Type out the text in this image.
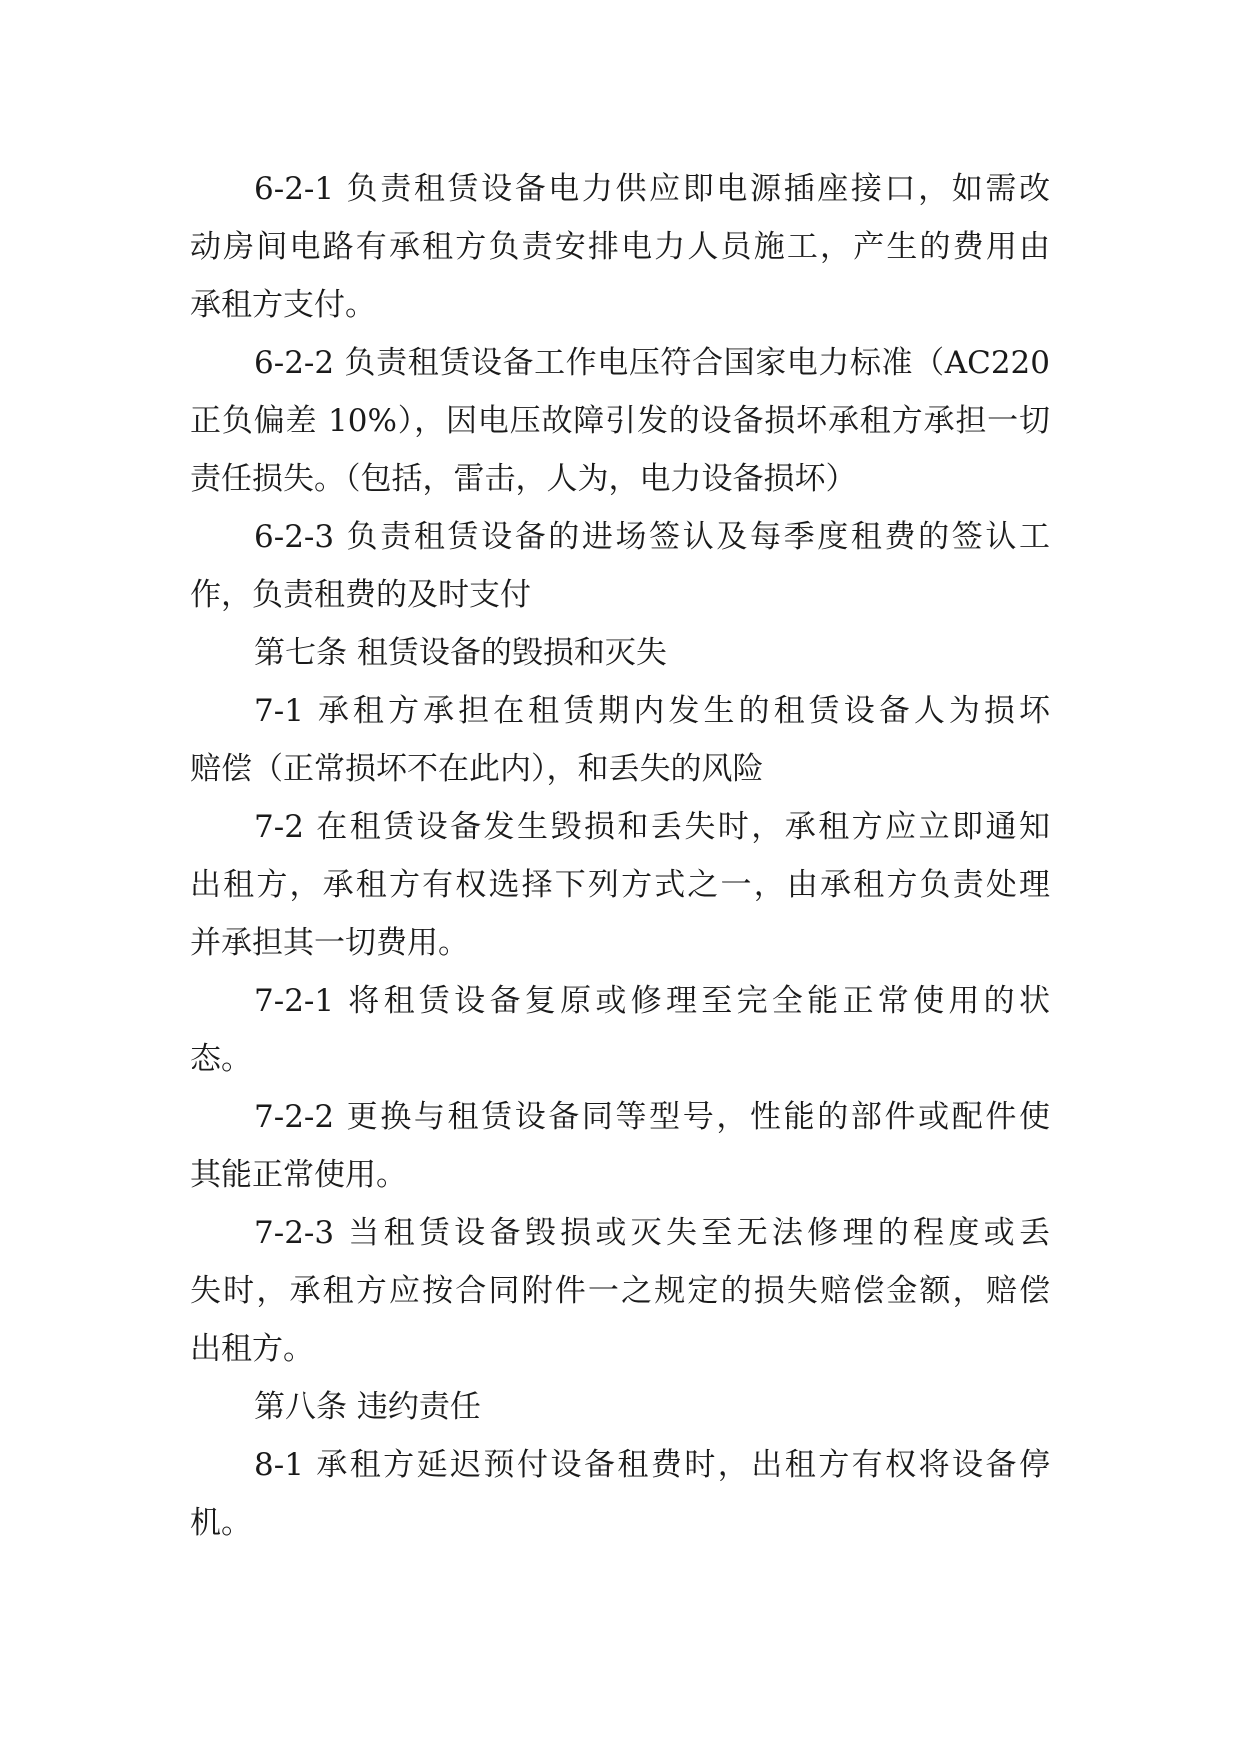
6-2-1 负责租赁设备电力供应即电源插座接口，如需改
动房间电路有承租方负责安排电力人员施工，产生的费用由
承租方支付。
6-2-2 负责租赁设备工作电压符合国家电力标准（AC220
正负偏差 10%），因电压故障引发的设备损坏承租方承担一切
责任损失。（包括，雷击，人为，电力设备损坏）
6-2-3 负责租赁设备的进场签认及每季度租费的签认工
作，负责租费的及时支付
第七条 租赁设备的毁损和灭失
7-1 承租方承担在租赁期内发生的租赁设备人为损坏
赔偿（正常损坏不在此内），和丢失的风险
7-2 在租赁设备发生毁损和丢失时，承租方应立即通知
出租方，承租方有权选择下列方式之一，由承租方负责处理
并承担其一切费用。
7-2-1 将租赁设备复原或修理至完全能正常使用的状
态。
7-2-2 更换与租赁设备同等型号，性能的部件或配件使
其能正常使用。
7-2-3 当租赁设备毁损或灭失至无法修理的程度或丢
失时，承租方应按合同附件一之规定的损失赔偿金额，赔偿
出租方。
第八条 违约责任
8-1 承租方延迟预付设备租费时，出租方有权将设备停
机。
